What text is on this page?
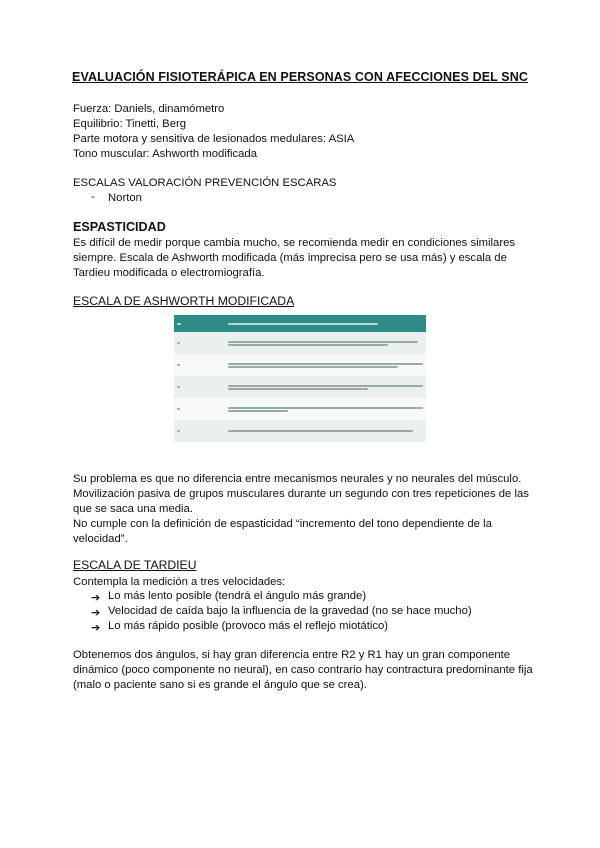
EVALUACIÓN FISIOTERÁPICA EN PERSONAS CON AFECCIONES DEL SNC
Fuerza: Daniels, dinamómetro
Equilibrio: Tinetti, Berg
Parte motora y sensitiva de lesionados medulares: ASIA
Tono muscular: Ashworth modificada
ESCALAS VALORACIÓN PREVENCIÓN ESCARAS
- Norton
ESPASTICIDAD
Es difícil de medir porque cambia mucho, se recomienda medir en condiciones similares
siempre. Escala de Ashworth modificada (más imprecisa pero se usa más) y escala de
Tardieu modificada o electromiografía.
ESCALA DE ASHWORTH MODIFICADA

Su problema es que no diferencia entre mecanismos neurales y no neurales del músculo.
Movilización pasiva de grupos musculares durante un segundo con tres repeticiones de las
que se saca una media.
No cumple con la definición de espasticidad “incremento del tono dependiente de la
velocidad”.
ESCALA DE TARDIEU
Contempla la medición a tres velocidades:
➔ Lo más lento posible (tendrá el ángulo más grande)
➔ Velocidad de caída bajo la influencia de la gravedad (no se hace mucho)
➔ Lo más rápido posible (provoco más el reflejo miotático)
Obtenemos dos ángulos, si hay gran diferencia entre R2 y R1 hay un gran componente
dinámico (poco componente no neural), en caso contrario hay contractura predominante fija
(malo o paciente sano si es grande el ángulo que se crea).
